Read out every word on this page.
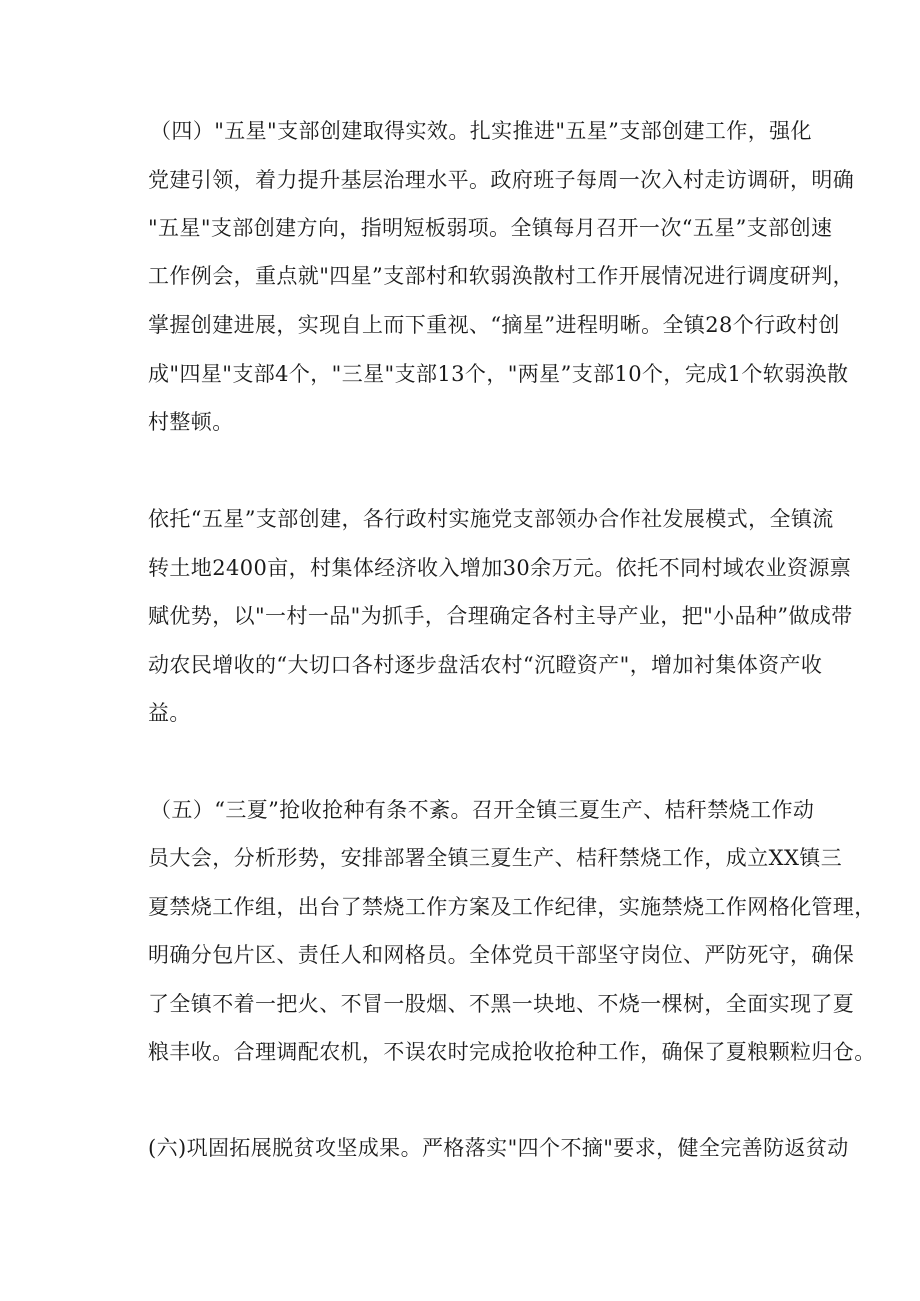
（四）"五星"支部创建取得实效。扎实推进"五星”支部创建工作，强化
党建引领，着力提升基层治理水平。政府班子每周一次入村走访调研，明确
"五星"支部创建方向，指明短板弱项。全镇每月召开一次“五星”支部创速
工作例会，重点就"四星”支部村和软弱涣散村工作开展情况进行调度研判，
掌握创建进展，实现自上而下重视、“摘星”进程明晰。全镇28个行政村创
成"四星"支部4个，"三星"支部13个，"两星”支部10个，完成1个软弱涣散
村整顿。
依托“五星”支部创建，各行政村实施党支部领办合作社发展模式，全镇流
转土地2400亩，村集体经济收入增加30余万元。依托不同村域农业资源禀
赋优势，以"一村一品"为抓手，合理确定各村主导产业，把"小品种”做成带
动农民增收的“大切口各村逐步盘活农村“沉瞪资产"，增加衬集体资产收
益。
（五）“三夏”抢收抢种有条不紊。召开全镇三夏生产、桔秆禁烧工作动
员大会，分析形势，安排部署全镇三夏生产、桔秆禁烧工作，成立XX镇三
夏禁烧工作组，出台了禁烧工作方案及工作纪律，实施禁烧工作网格化管理，
明确分包片区、责任人和网格员。全体党员干部坚守岗位、严防死守，确保
了全镇不着一把火、不冒一股烟、不黑一块地、不烧一棵树，全面实现了夏
粮丰收。合理调配农机，不误农时完成抢收抢种工作，确保了夏粮颗粒归仓。
(六)巩固拓展脱贫攻坚成果。严格落实"四个不摘"要求，健全完善防返贫动
